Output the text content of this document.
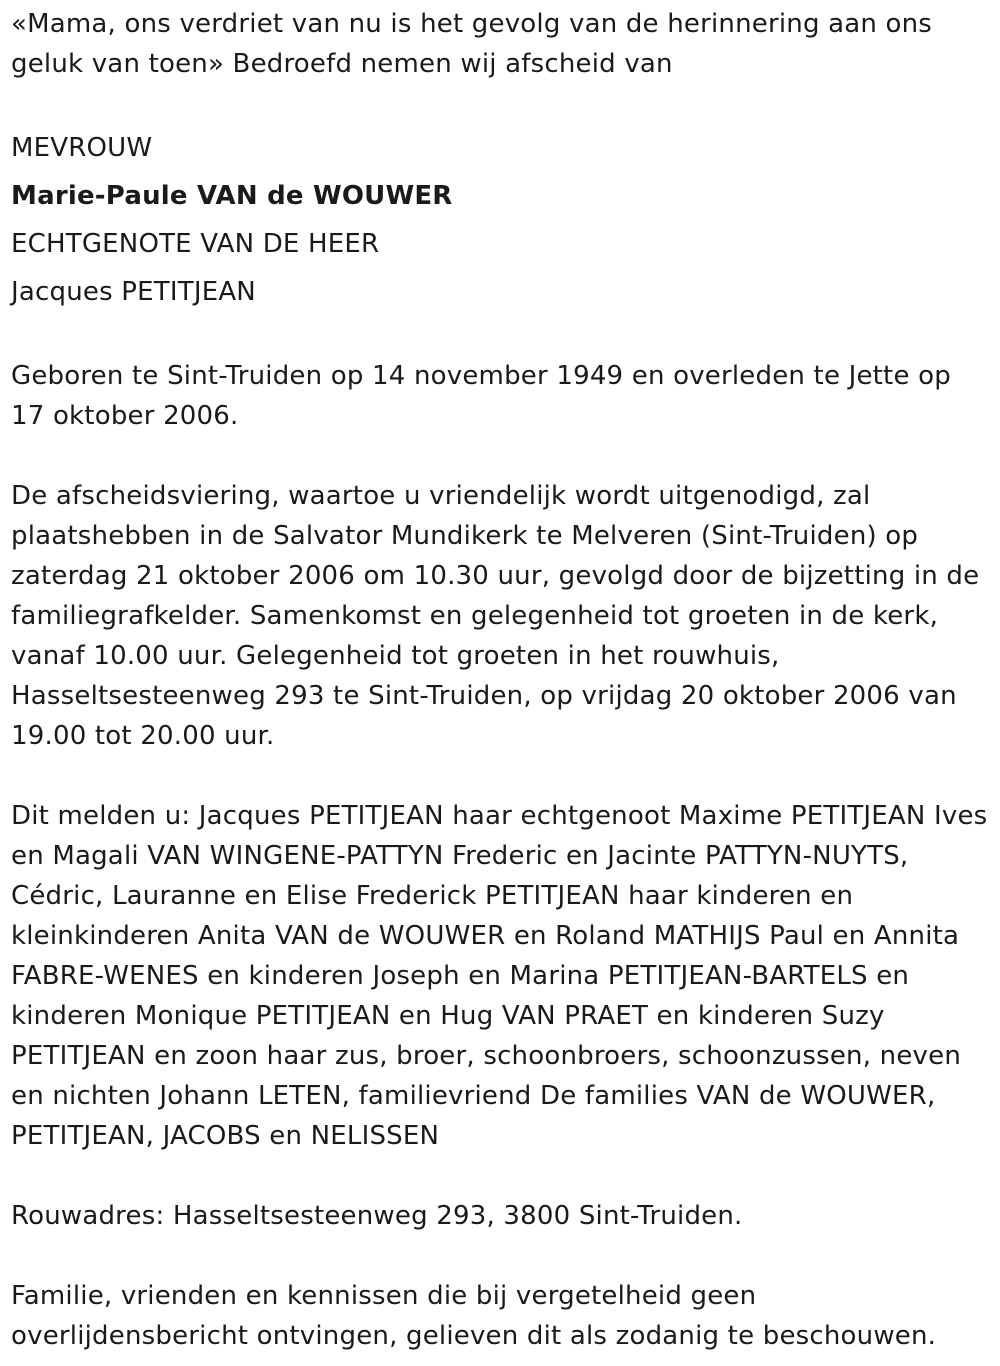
«Mama, ons verdriet van nu is het gevolg van de herinnering aan ons geluk van toen» Bedroefd nemen wij afscheid van

MEVROUW

Marie-Paule VAN de WOUWER

ECHTGENOTE VAN DE HEER

Jacques PETITJEAN

Geboren te Sint-Truiden op 14 november 1949 en overleden te Jette op 17 oktober 2006.

De afscheidsviering, waartoe u vriendelijk wordt uitgenodigd, zal plaatshebben in de Salvator Mundikerk te Melveren (Sint-Truiden) op zaterdag 21 oktober 2006 om 10.30 uur, gevolgd door de bijzetting in de familiegrafkelder. Samenkomst en gelegenheid tot groeten in de kerk, vanaf 10.00 uur. Gelegenheid tot groeten in het rouwhuis, Hasseltsesteenweg 293 te Sint-Truiden, op vrijdag 20 oktober 2006 van 19.00 tot 20.00 uur.

Dit melden u: Jacques PETITJEAN haar echtgenoot Maxime PETITJEAN Ives en Magali VAN WINGENE-PATTYN Frederic en Jacinte PATTYN-NUYTS, Cédric, Lauranne en Elise Frederick PETITJEAN haar kinderen en kleinkinderen Anita VAN de WOUWER en Roland MATHIJS Paul en Annita FABRE-WENES en kinderen Joseph en Marina PETITJEAN-BARTELS en kinderen Monique PETITJEAN en Hug VAN PRAET en kinderen Suzy PETITJEAN en zoon haar zus, broer, schoonbroers, schoonzussen, neven en nichten Johann LETEN, familievriend De families VAN de WOUWER, PETITJEAN, JACOBS en NELISSEN

Rouwadres: Hasseltsesteenweg 293, 3800 Sint-Truiden.

Familie, vrienden en kennissen die bij vergetelheid geen overlijdensbericht ontvingen, gelieven dit als zodanig te beschouwen.
